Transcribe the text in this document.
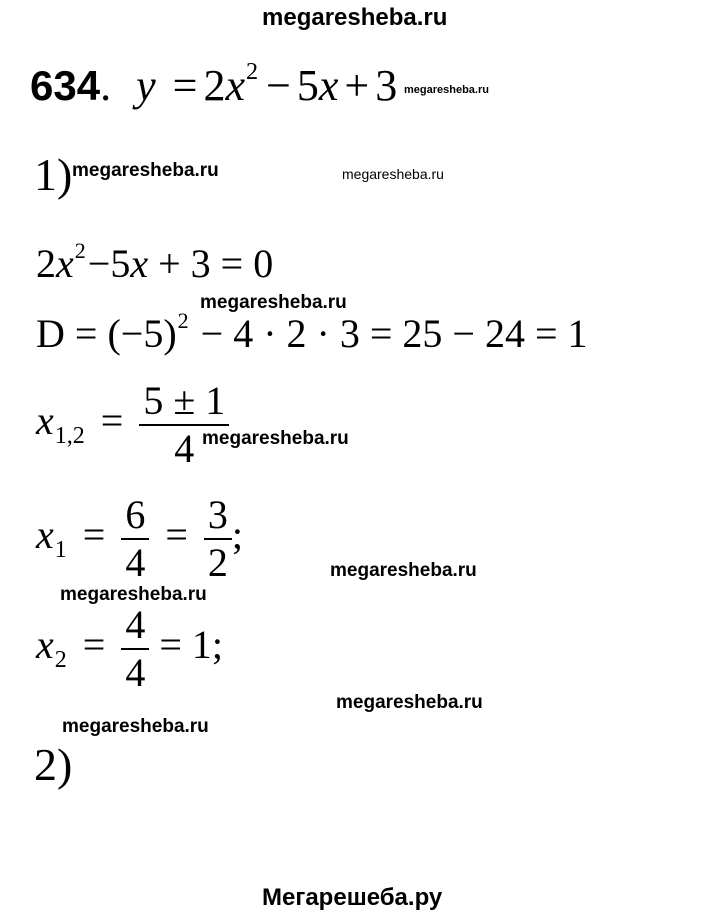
megaresheba.ru
634. y = 2x2 − 5x + 3 megaresheba.ru
1) megaresheba.ru	megaresheba.ru
2x2−5x + 3 = 0
megaresheba.ru
D = (−5)2 − 4 · 2 · 3 = 25 − 24 = 1
$x1,2 = \frac{5 \pm 1}{4}$
megaresheba.ru
$x1 = \frac{6}{4} = \frac{3}{2}$ ;
megaresheba.ru
megaresheba.ru
$x2 = \frac{4}{4} = 1$;
megaresheba.ru
megaresheba.ru
2)
Мегарешеба.ру
